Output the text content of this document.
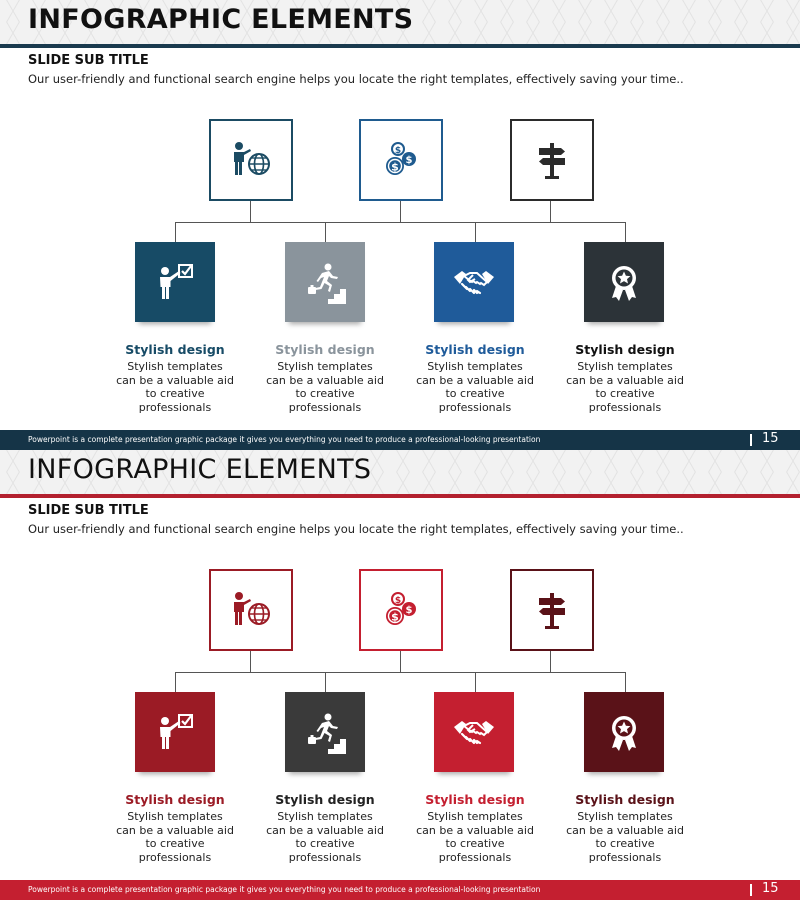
INFOGRAPHIC ELEMENTS
SLIDE SUB TITLE
Our user-friendly and functional search engine helps you locate the right templates, effectively saving your time..
$
$
$
Stylish design	Stylish design	Stylish design	Stylish design
Stylish templates
can be a valuable aid
to creative
professionals
Stylish templates
can be a valuable aid
to creative
professionals
Stylish templates
can be a valuable aid
to creative
professionals
Stylish templates
can be a valuable aid
to creative
professionals
Powerpoint is a complete presentation graphic package it gives you everything you need to produce a professional-looking presentation	15
INFOGRAPHIC ELEMENTS
SLIDE SUB TITLE
Our user-friendly and functional search engine helps you locate the right templates, effectively saving your time..
$
$
$
Stylish design	Stylish design	Stylish design	Stylish design
Stylish templates
can be a valuable aid
to creative
professionals
Stylish templates
can be a valuable aid
to creative
professionals
Stylish templates
can be a valuable aid
to creative
professionals
Stylish templates
can be a valuable aid
to creative
professionals
Powerpoint is a complete presentation graphic package it gives you everything you need to produce a professional-looking presentation	15
